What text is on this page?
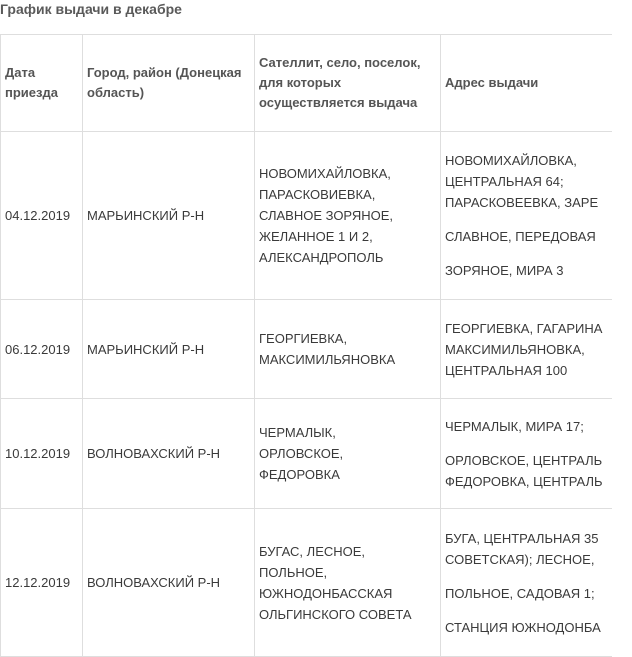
График выдачи в декабре
Дата
приезда	Город, район (Донецкая
область)	Сателлит, село, поселок,
для которых
осуществляется выдача	Адрес выдачи

04.12.2019	МАРЬИНСКИЙ Р-Н	НОВОМИХАЙЛОВКА,
ПАРАСКОВИЕВКА,
СЛАВНОЕ ЗОРЯНОЕ,
ЖЕЛАННОЕ 1 И 2,
АЛЕКСАНДРОПОЛЬ	НОВОМИХАЙЛОВКА,
ЦЕНТРАЛЬНАЯ 64;
ПАРАСКОВЕЕВКА, ЗАРЕ
СЛАВНОЕ, ПЕРЕДОВАЯ
ЗОРЯНОЕ, МИРА 3

06.12.2019	МАРЬИНСКИЙ Р-Н	ГЕОРГИЕВКА,
МАКСИМИЛЬЯНОВКА	ГЕОРГИЕВКА, ГАГАРИНА
МАКСИМИЛЬЯНОВКА,
ЦЕНТРАЛЬНАЯ 100

10.12.2019	ВОЛНОВАХСКИЙ Р-Н	ЧЕРМАЛЫК,
ОРЛОВСКОЕ,
ФЕДОРОВКА	ЧЕРМАЛЫК, МИРА 17;
ОРЛОВСКОЕ, ЦЕНТРАЛЬ
ФЕДОРОВКА, ЦЕНТРАЛЬ

12.12.2019	ВОЛНОВАХСКИЙ Р-Н	БУГАС, ЛЕСНОЕ,
ПОЛЬНОЕ,
ЮЖНОДОНБАССКАЯ
ОЛЬГИНСКОГО СОВЕТА	БУГА, ЦЕНТРАЛЬНАЯ 35
СОВЕТСКАЯ); ЛЕСНОЕ,
ПОЛЬНОЕ, САДОВАЯ 1;
СТАНЦИЯ ЮЖНОДОНБА
